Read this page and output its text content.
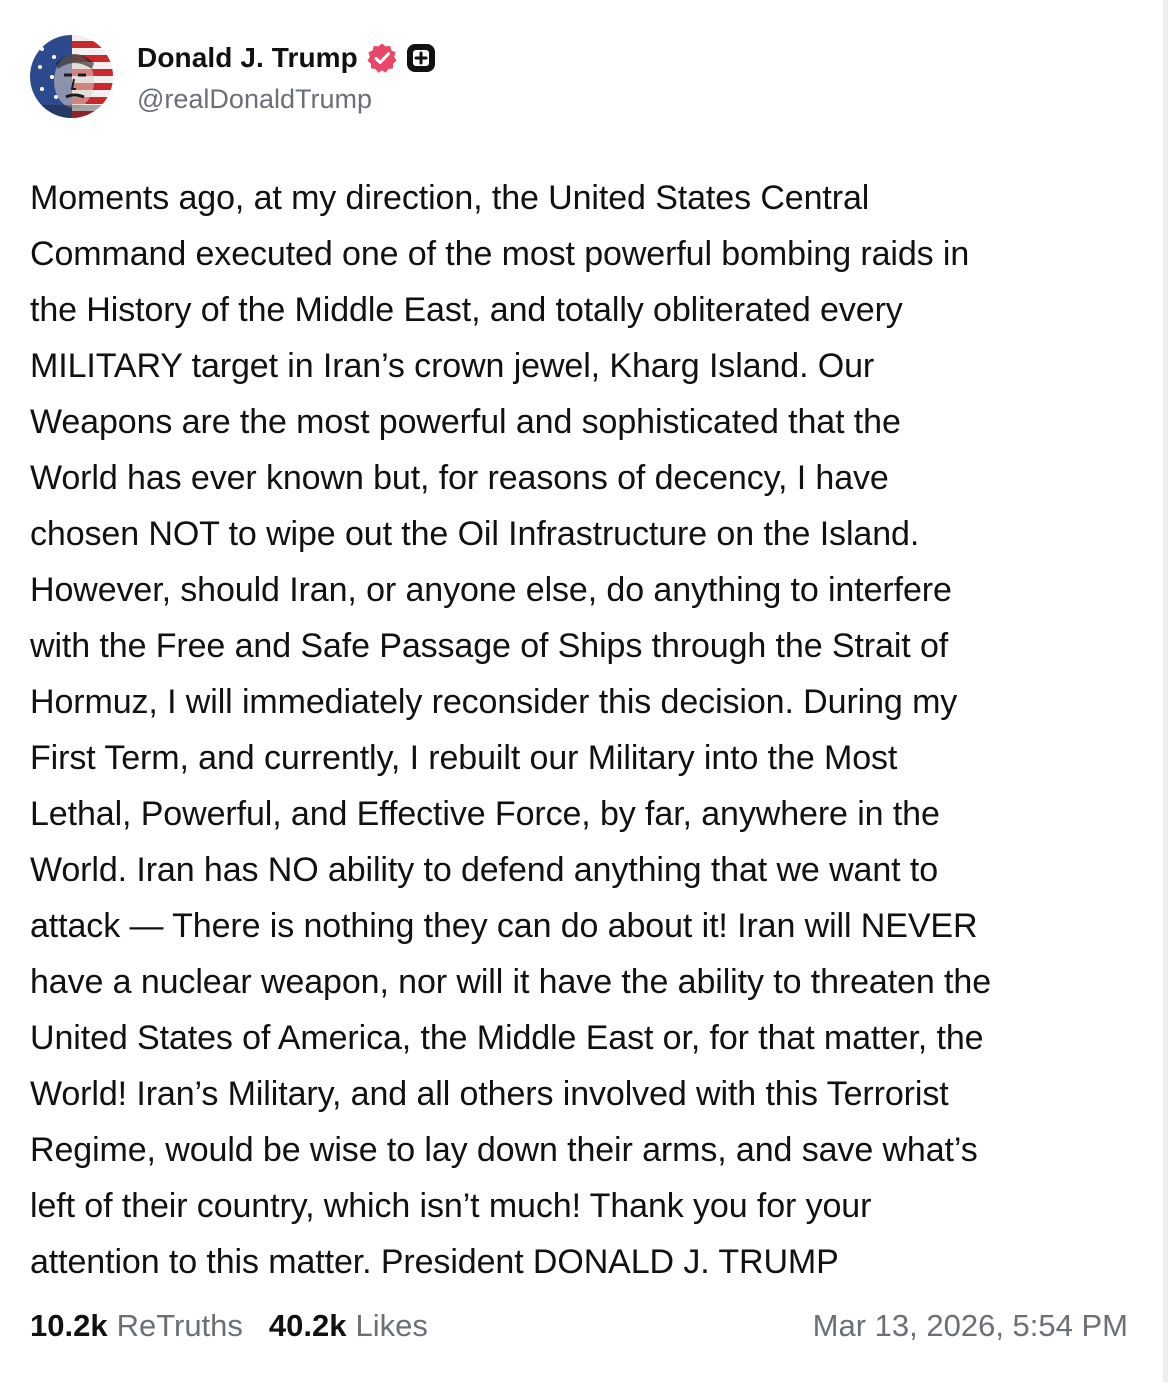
Donald J. Trump
@realDonaldTrump
Moments ago, at my direction, the United States Central
Command executed one of the most powerful bombing raids in
the History of the Middle East, and totally obliterated every
MILITARY target in Iran’s crown jewel, Kharg Island. Our
Weapons are the most powerful and sophisticated that the
World has ever known but, for reasons of decency, I have
chosen NOT to wipe out the Oil Infrastructure on the Island.
However, should Iran, or anyone else, do anything to interfere
with the Free and Safe Passage of Ships through the Strait of
Hormuz, I will immediately reconsider this decision. During my
First Term, and currently, I rebuilt our Military into the Most
Lethal, Powerful, and Effective Force, by far, anywhere in the
World. Iran has NO ability to defend anything that we want to
attack — There is nothing they can do about it! Iran will NEVER
have a nuclear weapon, nor will it have the ability to threaten the
United States of America, the Middle East or, for that matter, the
World! Iran’s Military, and all others involved with this Terrorist
Regime, would be wise to lay down their arms, and save what’s
left of their country, which isn’t much! Thank you for your
attention to this matter. President DONALD J. TRUMP
10.2k ReTruths 40.2k Likes	Mar 13, 2026, 5:54 PM
